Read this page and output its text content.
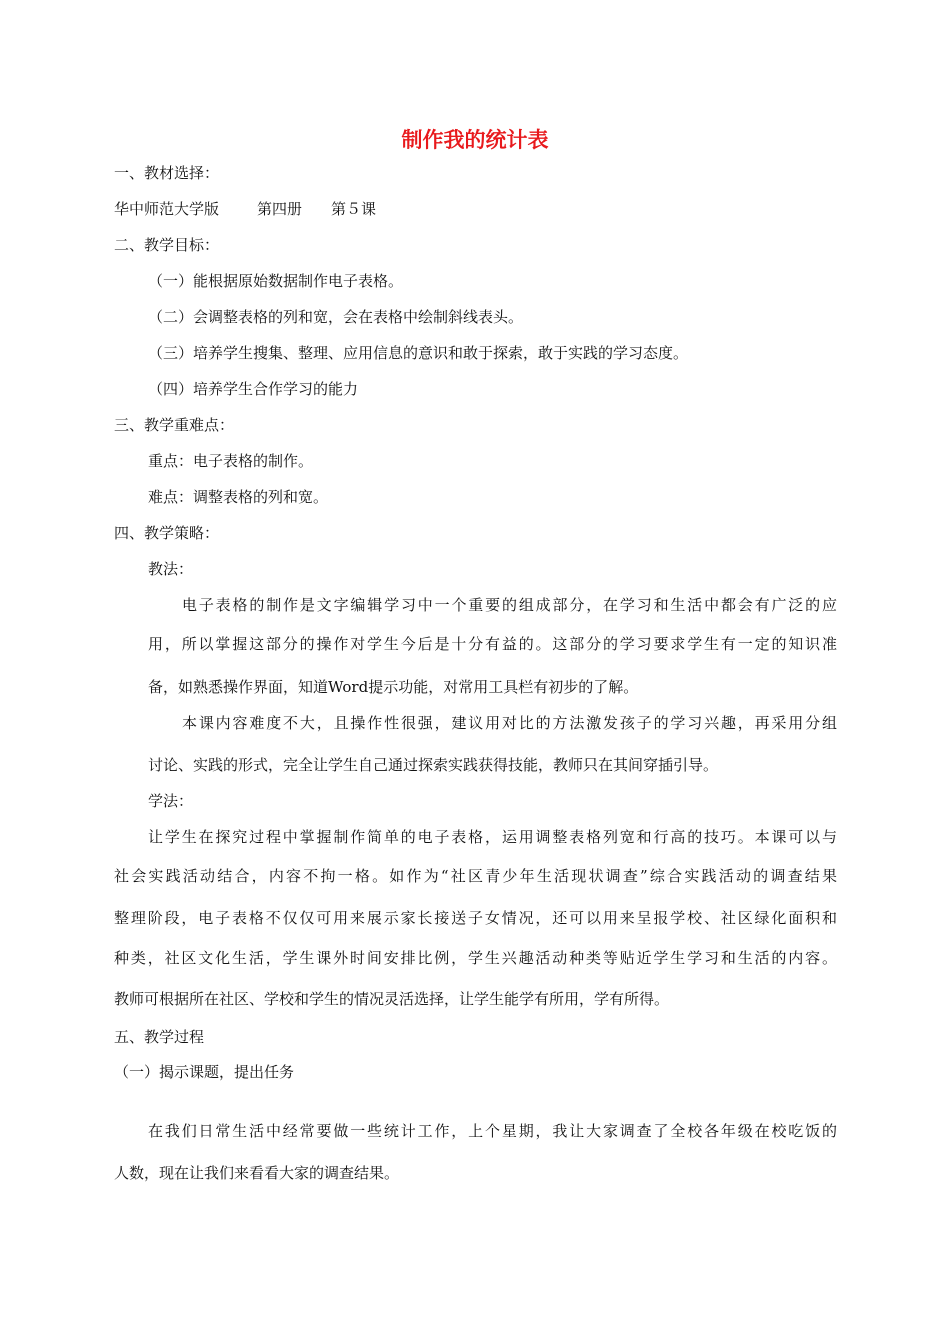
制作我的统计表
一、教材选择：
华中师范大学版	第四册 第５课
二、教学目标：
（一）能根据原始数据制作电子表格。
（二）会调整表格的列和宽，会在表格中绘制斜线表头。
（三）培养学生搜集、整理、应用信息的意识和敢于探索，敢于实践的学习态度。
（四）培养学生合作学习的能力
三、教学重难点：
重点：电子表格的制作。
难点：调整表格的列和宽。
四、教学策略：
教法：
电子表格的制作是文字编辑学习中一个重要的组成部分，在学习和生活中都会有广泛的应
用，所以掌握这部分的操作对学生今后是十分有益的。这部分的学习要求学生有一定的知识准
备，如熟悉操作界面，知道Word提示功能，对常用工具栏有初步的了解。
本课内容难度不大，且操作性很强，建议用对比的方法激发孩子的学习兴趣，再采用分组
讨论、实践的形式，完全让学生自己通过探索实践获得技能，教师只在其间穿插引导。
学法：
让学生在探究过程中掌握制作简单的电子表格，运用调整表格列宽和行高的技巧。本课可以与
社会实践活动结合，内容不拘一格。如作为“社区青少年生活现状调查”综合实践活动的调查结果
整理阶段，电子表格不仅仅可用来展示家长接送子女情况，还可以用来呈报学校、社区绿化面积和
种类，社区文化生活，学生课外时间安排比例，学生兴趣活动种类等贴近学生学习和生活的内容。
教师可根据所在社区、学校和学生的情况灵活选择，让学生能学有所用，学有所得。
五、教学过程
（一）揭示课题，提出任务
在我们日常生活中经常要做一些统计工作，上个星期，我让大家调查了全校各年级在校吃饭的
人数，现在让我们来看看大家的调查结果。
